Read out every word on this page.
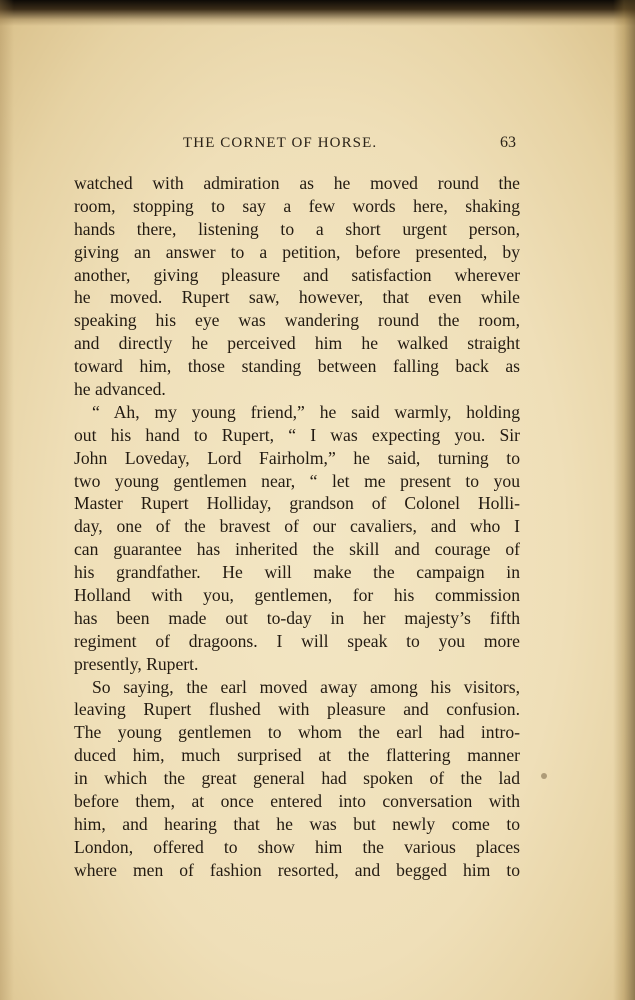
THE CORNET OF HORSE.	63
watched with admiration as he moved round the
room, stopping to say a few words here, shaking
hands there, listening to a short urgent person,
giving an answer to a petition, before presented, by
another, giving pleasure and satisfaction wherever
he moved. Rupert saw, however, that even while
speaking his eye was wandering round the room,
and directly he perceived him he walked straight
toward him, those standing between falling back as
he advanced.
“ Ah, my young friend,” he said warmly, holding
out his hand to Rupert, “ I was expecting you. Sir
John Loveday, Lord Fairholm,” he said, turning to
two young gentlemen near, “ let me present to you
Master Rupert Holliday, grandson of Colonel Holli-
day, one of the bravest of our cavaliers, and who I
can guarantee has inherited the skill and courage of
his grandfather. He will make the campaign in
Holland with you, gentlemen, for his commission
has been made out to-day in her majesty’s fifth
regiment of dragoons. I will speak to you more
presently, Rupert.
So saying, the earl moved away among his visitors,
leaving Rupert flushed with pleasure and confusion.
The young gentlemen to whom the earl had intro-
duced him, much surprised at the flattering manner
in which the great general had spoken of the lad
before them, at once entered into conversation with
him, and hearing that he was but newly come to
London, offered to show him the various places
where men of fashion resorted, and begged him to
